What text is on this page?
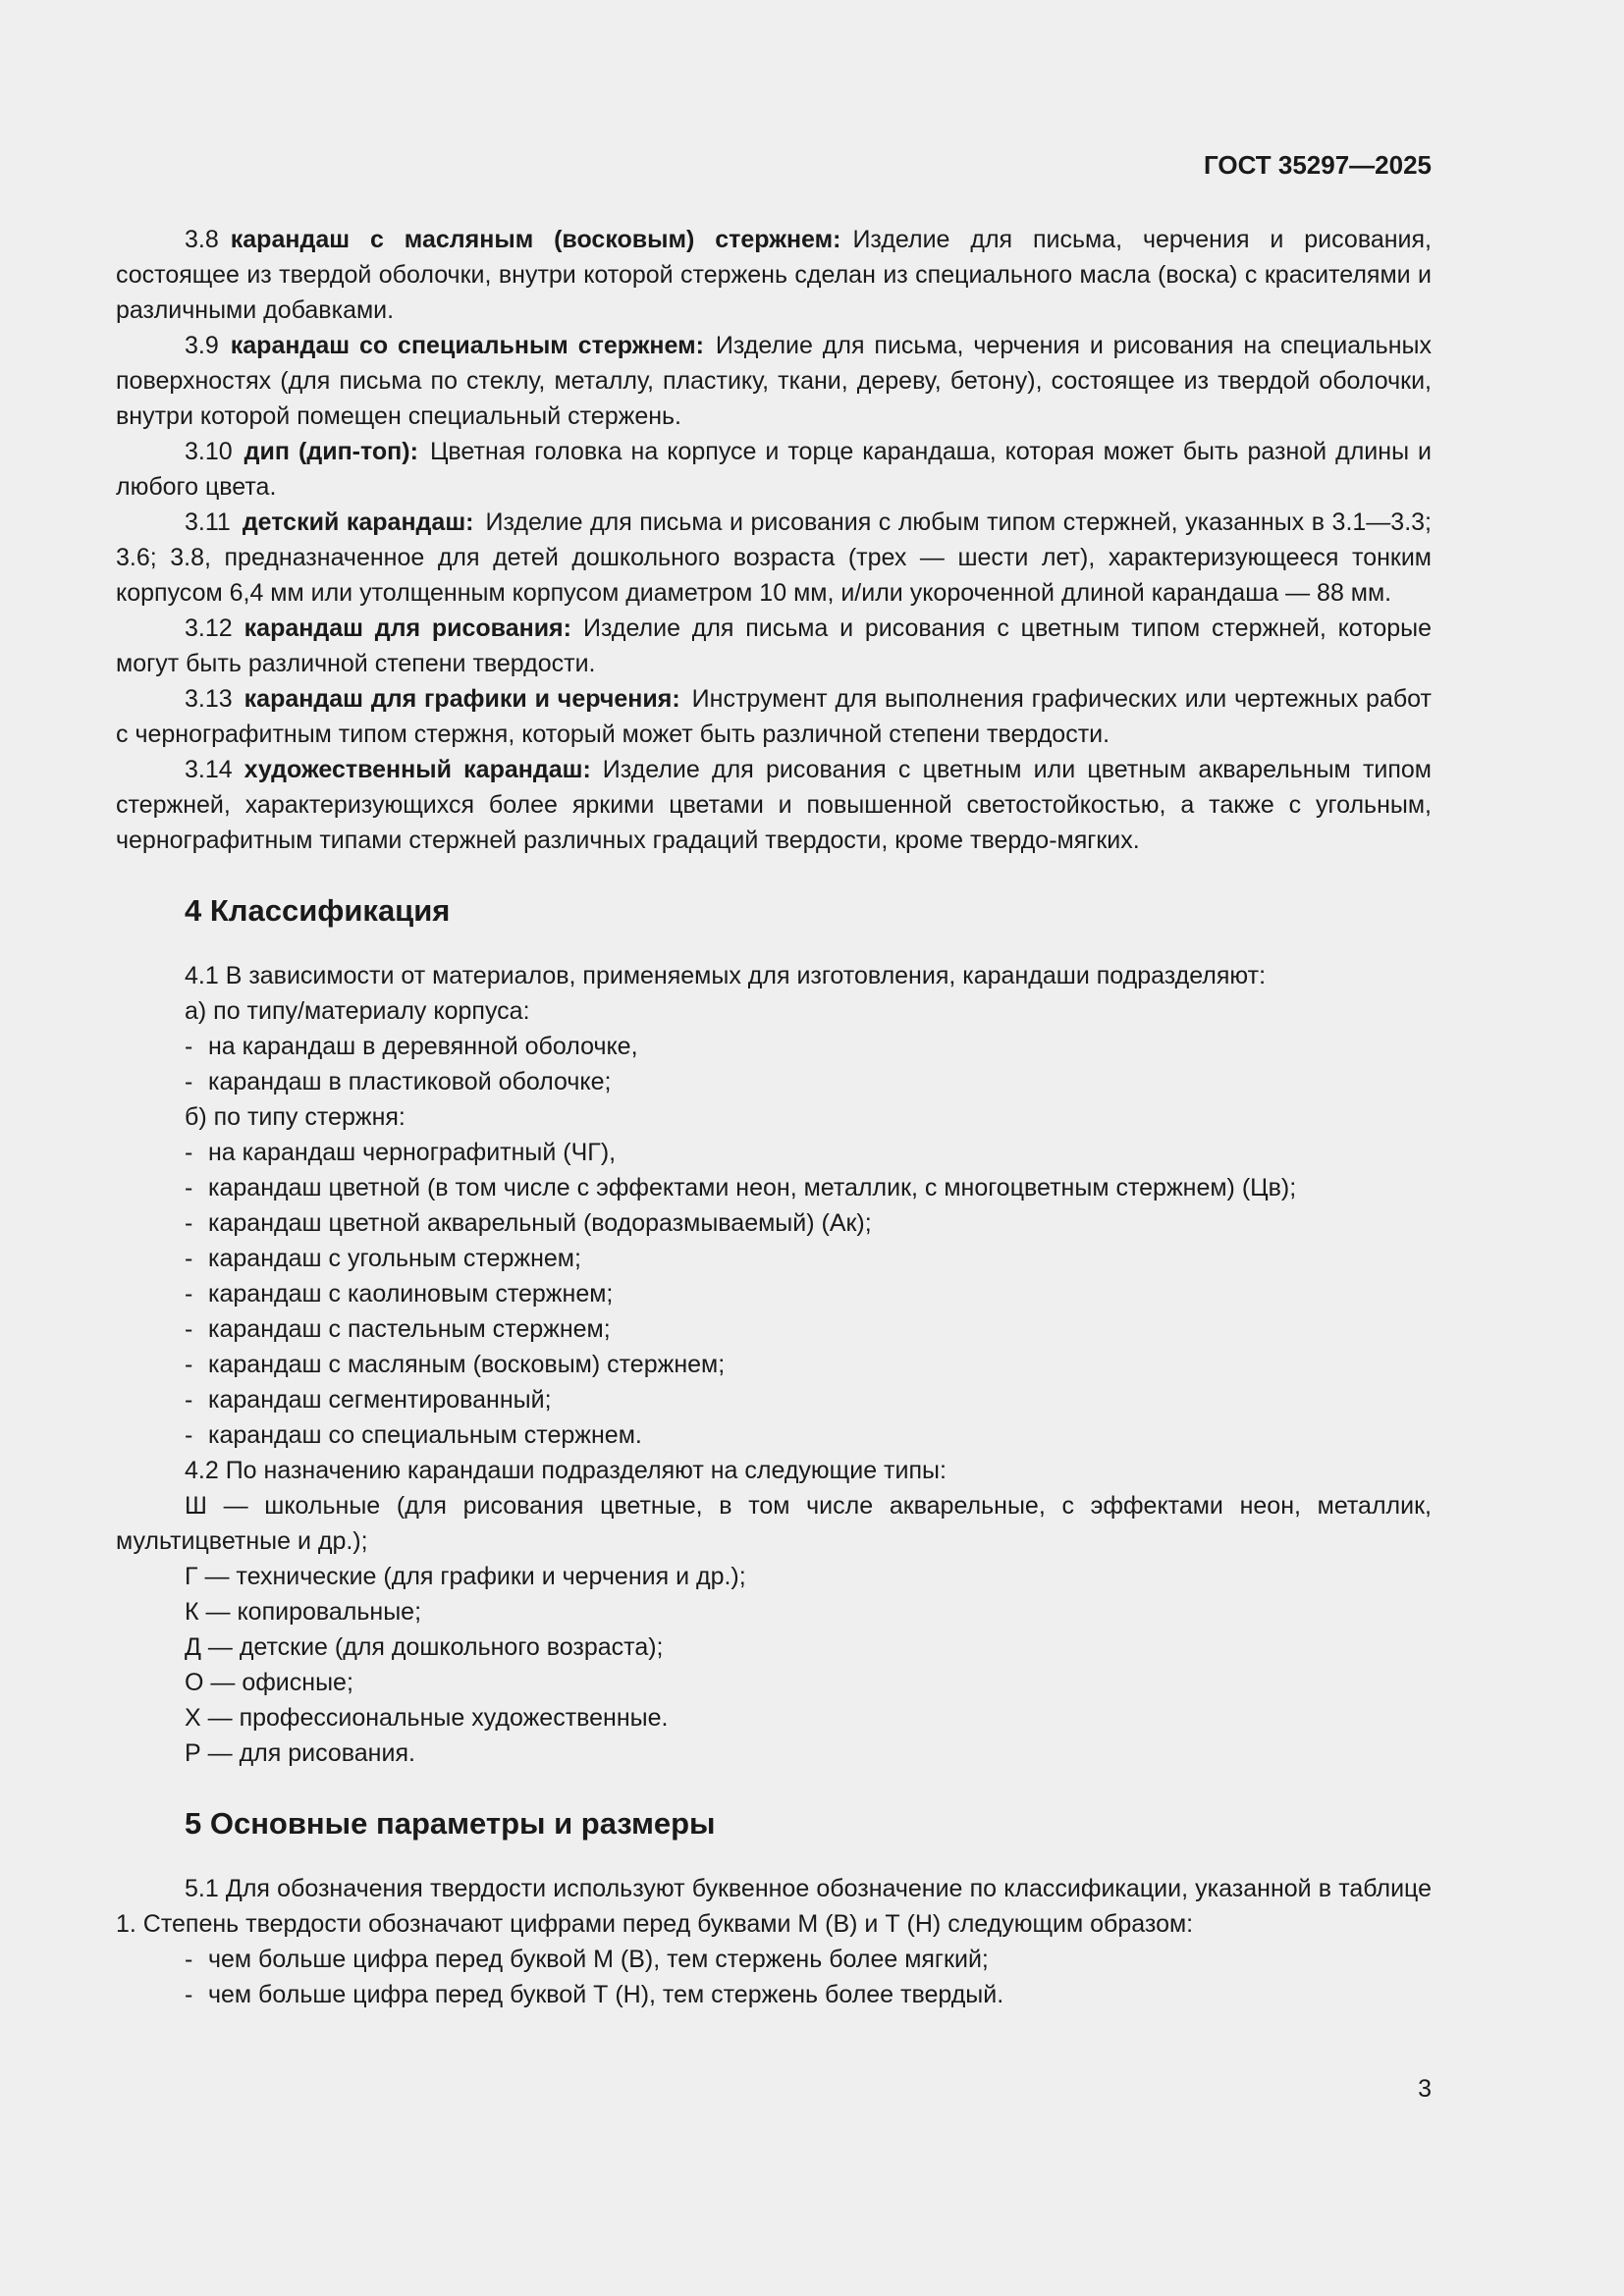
ГОСТ 35297—2025
3.8 карандаш с масляным (восковым) стержнем: Изделие для письма, черчения и рисования, состоящее из твердой оболочки, внутри которой стержень сделан из специального масла (воска) с красителями и различными добавками.
3.9 карандаш со специальным стержнем: Изделие для письма, черчения и рисования на специальных поверхностях (для письма по стеклу, металлу, пластику, ткани, дереву, бетону), состоящее из твердой оболочки, внутри которой помещен специальный стержень.
3.10 дип (дип-топ): Цветная головка на корпусе и торце карандаша, которая может быть разной длины и любого цвета.
3.11 детский карандаш: Изделие для письма и рисования с любым типом стержней, указанных в 3.1—3.3; 3.6; 3.8, предназначенное для детей дошкольного возраста (трех — шести лет), характеризующееся тонким корпусом 6,4 мм или утолщенным корпусом диаметром 10 мм, и/или укороченной длиной карандаша — 88 мм.
3.12 карандаш для рисования: Изделие для письма и рисования с цветным типом стержней, которые могут быть различной степени твердости.
3.13 карандаш для графики и черчения: Инструмент для выполнения графических или чертежных работ с чернографитным типом стержня, который может быть различной степени твердости.
3.14 художественный карандаш: Изделие для рисования с цветным или цветным акварельным типом стержней, характеризующихся более яркими цветами и повышенной светостойкостью, а также с угольным, чернографитным типами стержней различных градаций твердости, кроме твердо-мягких.
4 Классификация
4.1 В зависимости от материалов, применяемых для изготовления, карандаши подразделяют:
а) по типу/материалу корпуса:
- на карандаш в деревянной оболочке,
- карандаш в пластиковой оболочке;
б) по типу стержня:
- на карандаш чернографитный (ЧГ),
- карандаш цветной (в том числе с эффектами неон, металлик, с многоцветным стержнем) (Цв);
- карандаш цветной акварельный (водоразмываемый) (Ак);
- карандаш с угольным стержнем;
- карандаш с каолиновым стержнем;
- карандаш с пастельным стержнем;
- карандаш с масляным (восковым) стержнем;
- карандаш сегментированный;
- карандаш со специальным стержнем.
4.2 По назначению карандаши подразделяют на следующие типы:
Ш — школьные (для рисования цветные, в том числе акварельные, с эффектами неон, металлик, мультицветные и др.);
Г — технические (для графики и черчения и др.);
К — копировальные;
Д — детские (для дошкольного возраста);
О — офисные;
Х — профессиональные художественные.
Р — для рисования.
5 Основные параметры и размеры
5.1 Для обозначения твердости используют буквенное обозначение по классификации, указанной в таблице 1. Степень твердости обозначают цифрами перед буквами М (В) и Т (Н) следующим образом:
- чем больше цифра перед буквой М (В), тем стержень более мягкий;
- чем больше цифра перед буквой Т (Н), тем стержень более твердый.
3
